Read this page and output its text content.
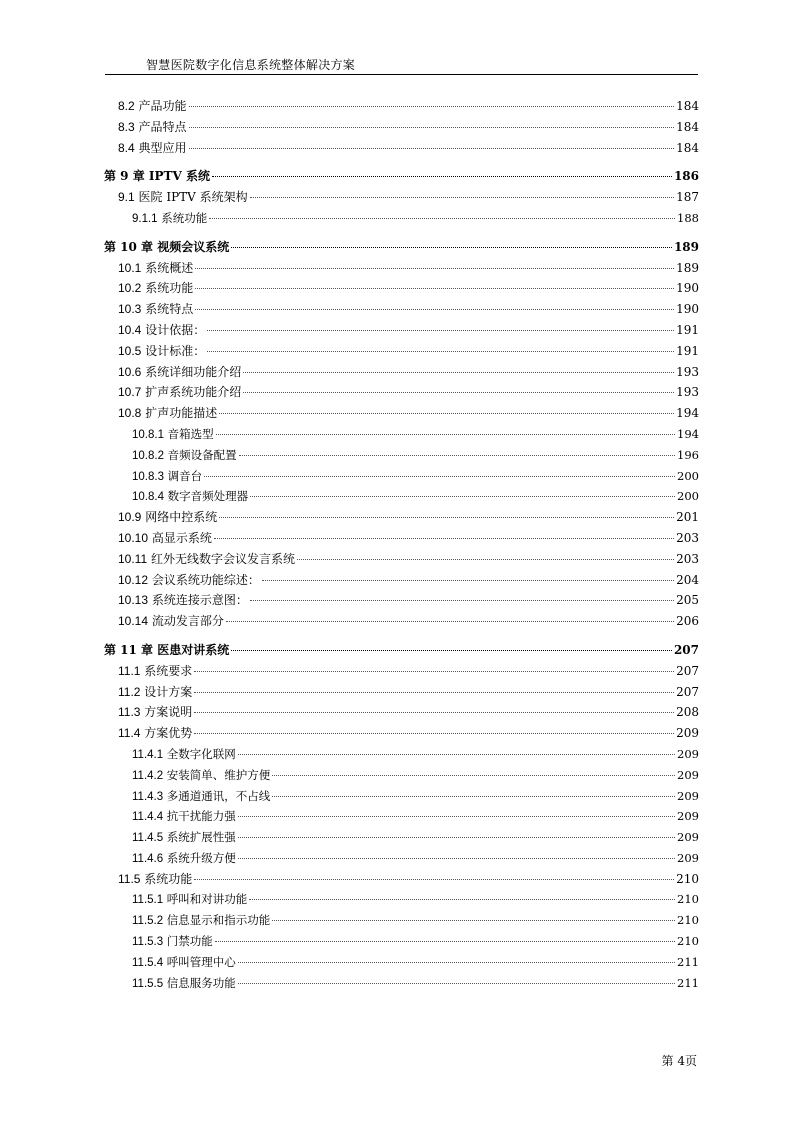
智慧医院数字化信息系统整体解决方案
8.2 产品功能	184
8.3 产品特点	184
8.4 典型应用	184
第 9 章 IPTV 系统	186
9.1 医院 IPTV 系统架构	187
9.1.1 系统功能	188
第 10 章 视频会议系统	189
10.1 系统概述	189
10.2 系统功能	190
10.3 系统特点	190
10.4 设计依据：	191
10.5 设计标准：	191
10.6 系统详细功能介绍	193
10.7 扩声系统功能介绍	193
10.8 扩声功能描述	194
10.8.1 音箱选型	194
10.8.2 音频设备配置	196
10.8.3 调音台	200
10.8.4 数字音频处理器	200
10.9 网络中控系统	201
10.10 高显示系统	203
10.11 红外无线数字会议发言系统	203
10.12 会议系统功能综述：	204
10.13 系统连接示意图：	205
10.14 流动发言部分	206
第 11 章 医患对讲系统	207
11.1 系统要求	207
11.2 设计方案	207
11.3 方案说明	208
11.4 方案优势	209
11.4.1 全数字化联网	209
11.4.2 安装简单、维护方便	209
11.4.3 多通道通讯，不占线	209
11.4.4 抗干扰能力强	209
11.4.5 系统扩展性强	209
11.4.6 系统升级方便	209
11.5 系统功能	210
11.5.1 呼叫和对讲功能	210
11.5.2 信息显示和指示功能	210
11.5.3 门禁功能	210
11.5.4 呼叫管理中心	211
11.5.5 信息服务功能	211
第 4页
